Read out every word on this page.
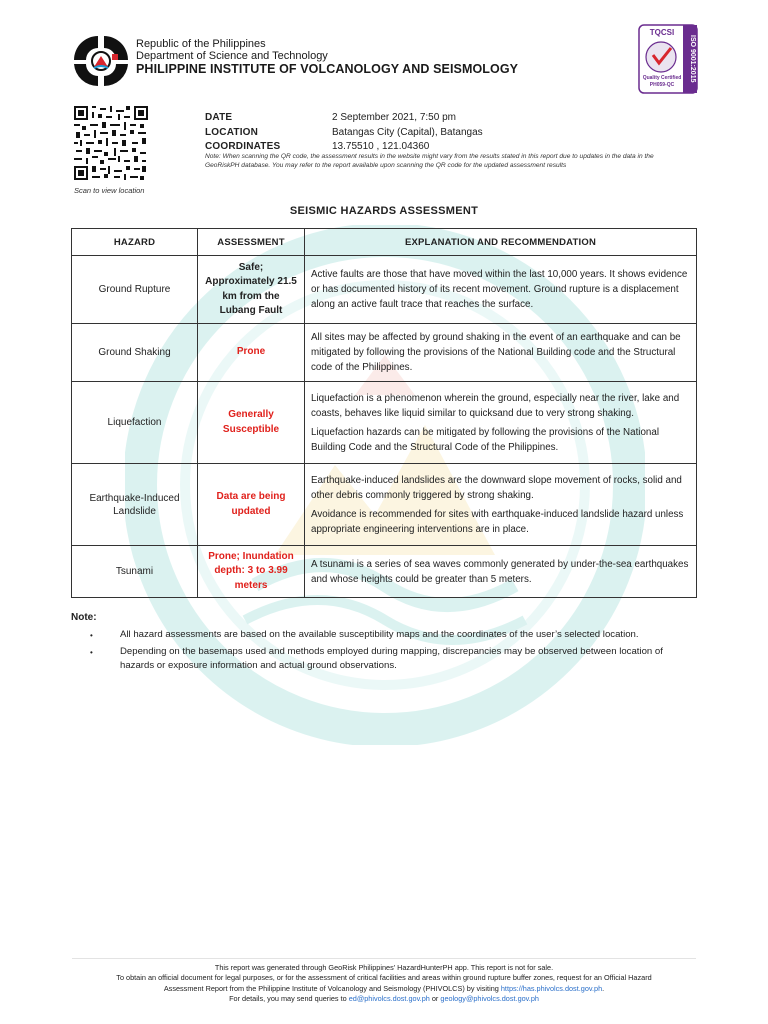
Republic of the Philippines
Department of Science and Technology
PHILIPPINE INSTITUTE OF VOLCANOLOGY AND SEISMOLOGY
TQCSI
ISO 9001:2015
Quality Certified
PH059-QC
Scan to view location
DATE	2 September 2021, 7:50 pm
LOCATION	Batangas City (Capital), Batangas
COORDINATES	13.75510 , 121.04360
Note: When scanning the QR code, the assessment results in the website might vary from the results stated in this report due to updates in the data in the GeoRiskPH database. You may refer to the report available upon scanning the QR code for the updated assessment results
SEISMIC HAZARDS ASSESSMENT
HAZARD	ASSESSMENT	EXPLANATION AND RECOMMENDATION
Ground Rupture	Safe; Approximately 21.5 km from the Lubang Fault	Active faults are those that have moved within the last 10,000 years. It shows evidence or has documented history of its recent movement. Ground rupture is a displacement along an active fault trace that reaches the surface.

Ground Shaking	Prone	All sites may be affected by ground shaking in the event of an earthquake and can be mitigated by following the provisions of the National Building code and the Structural code of the Philippines.

Liquefaction	Generally Susceptible	Liquefaction is a phenomenon wherein the ground, especially near the river, lake and coasts, behaves like liquid similar to quicksand due to very strong shaking.

Liquefaction hazards can be mitigated by following the provisions of the National Building Code and the Structural Code of the Philippines.

Earthquake-Induced Landslide	Data are being updated	Earthquake-induced landslides are the downward slope movement of rocks, solid and other debris commonly triggered by strong shaking.

Avoidance is recommended for sites with earthquake-induced landslide hazard unless appropriate engineering interventions are in place.

Tsunami	Prone; Inundation depth: 3 to 3.99 meters	A tsunami is a series of sea waves commonly generated by under-the-sea earthquakes and whose heights could be greater than 5 meters.

Note:
• All hazard assessments are based on the available susceptibility maps and the coordinates of the user’s selected location.
• Depending on the basemaps used and methods employed during mapping, discrepancies may be observed between location of hazards or exposure information and actual ground observations.
This report was generated through GeoRisk Philippines’ HazardHunterPH app. This report is not for sale.
To obtain an official document for legal purposes, or for the assessment of critical facilities and areas within ground rupture buffer zones, request for an Official Hazard
Assessment Report from the Philippine Institute of Volcanology and Seismology (PHIVOLCS) by visiting https://has.phivolcs.dost.gov.ph.
For details, you may send queries to ed@phivolcs.dost.gov.ph or geology@phivolcs.dost.gov.ph
